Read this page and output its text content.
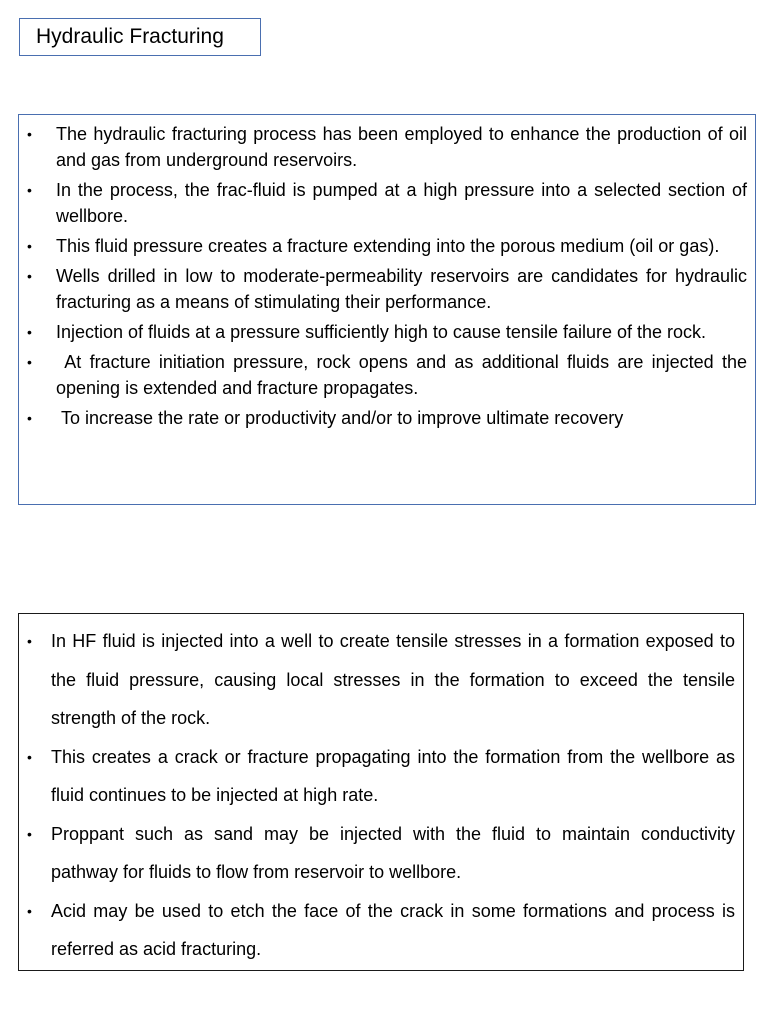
Hydraulic Fracturing
• The hydraulic fracturing process has been employed to enhance the production of oil and gas from underground reservoirs.
• In the process, the frac-fluid is pumped at a high pressure into a selected section of wellbore.
• This fluid pressure creates a fracture extending into the porous medium (oil or gas).
• Wells drilled in low to moderate-permeability reservoirs are candidates for hydraulic fracturing as a means of stimulating their performance.
• Injection of fluids at a pressure sufficiently high to cause tensile failure of the rock.
• At fracture initiation pressure, rock opens and as additional fluids are injected the opening is extended and fracture propagates.
• To increase the rate or productivity and/or to improve ultimate recovery
• In HF fluid is injected into a well to create tensile stresses in a formation exposed to the fluid pressure, causing local stresses in the formation to exceed the tensile strength of the rock.
• This creates a crack or fracture propagating into the formation from the wellbore as fluid continues to be injected at high rate.
• Proppant such as sand may be injected with the fluid to maintain conductivity pathway for fluids to flow from reservoir to wellbore.
• Acid may be used to etch the face of the crack in some formations and process is referred as acid fracturing.
